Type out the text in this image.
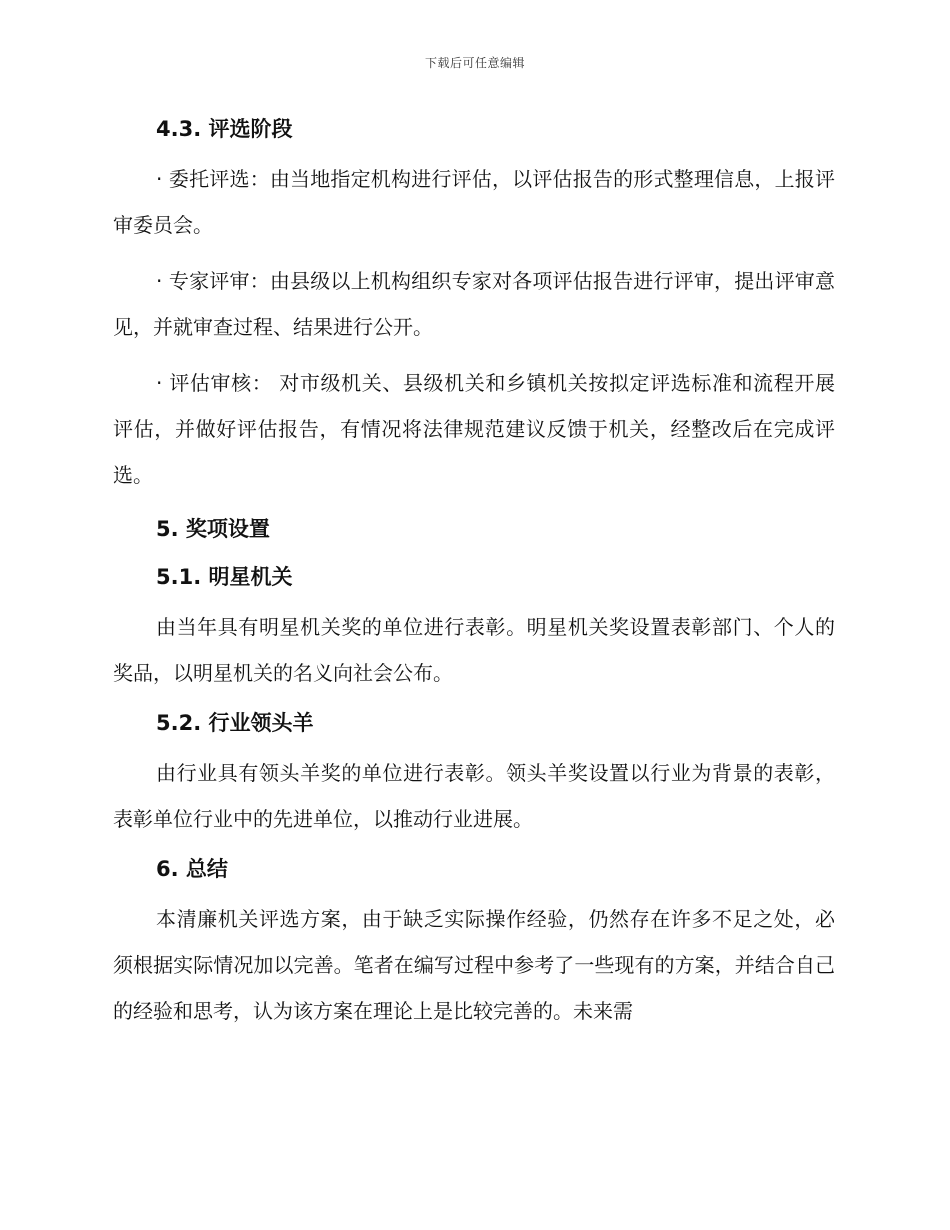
下载后可任意编辑
4.3. 评选阶段

· 委托评选：由当地指定机构进行评估，以评估报告的形式整理信息，上报评审委员会。

· 专家评审：由县级以上机构组织专家对各项评估报告进行评审，提出评审意见，并就审查过程、结果进行公开。

· 评估审核： 对市级机关、县级机关和乡镇机关按拟定评选标准和流程开展评估，并做好评估报告，有情况将法律规范建议反馈于机关，经整改后在完成评选。

5. 奖项设置
5.1. 明星机关

由当年具有明星机关奖的单位进行表彰。明星机关奖设置表彰部门、个人的奖品，以明星机关的名义向社会公布。

5.2. 行业领头羊

由行业具有领头羊奖的单位进行表彰。领头羊奖设置以行业为背景的表彰，表彰单位行业中的先进单位，以推动行业进展。

6. 总结

本清廉机关评选方案，由于缺乏实际操作经验，仍然存在许多不足之处，必须根据实际情况加以完善。笔者在编写过程中参考了一些现有的方案，并结合自己的经验和思考，认为该方案在理论上是比较完善的。未来需
